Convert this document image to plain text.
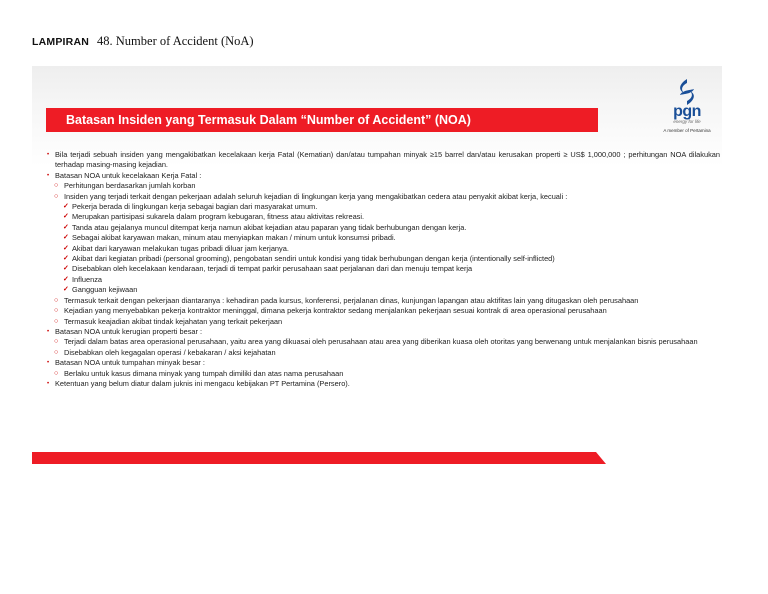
LAMPIRAN 48. Number of Accident (NoA)
Batasan Insiden yang Termasuk Dalam “Number of Accident” (NOA)	pgn
energy for life
A member of Pertamina
• Bila terjadi sebuah insiden yang mengakibatkan kecelakaan kerja Fatal (Kematian) dan/atau tumpahan minyak ≥15 barrel dan/atau kerusakan properti ≥ US$ 1,000,000 ; perhitungan NOA dilakukan terhadap masing-masing kejadian.
• Batasan NOA untuk kecelakaan Kerja Fatal :
○ Perhitungan berdasarkan jumlah korban
○ Insiden yang terjadi terkait dengan pekerjaan adalah seluruh kejadian di lingkungan kerja yang mengakibatkan cedera atau penyakit akibat kerja, kecuali :
✓ Pekerja berada di lingkungan kerja sebagai bagian dari masyarakat umum.
✓ Merupakan partisipasi sukarela dalam program kebugaran, fitness atau aktivitas rekreasi.
✓ Tanda atau gejalanya muncul ditempat kerja namun akibat kejadian atau paparan yang tidak berhubungan dengan kerja.
✓ Sebagai akibat karyawan makan, minum atau menyiapkan makan / minum untuk konsumsi pribadi.
✓ Akibat dari karyawan melakukan tugas pribadi diluar jam kerjanya.
✓ Akibat dari kegiatan pribadi (personal grooming), pengobatan sendiri untuk kondisi yang tidak berhubungan dengan kerja (intentionally self-inflicted)
✓ Disebabkan oleh kecelakaan kendaraan, terjadi di tempat parkir perusahaan saat perjalanan dari dan menuju tempat kerja
✓ Influenza
✓ Gangguan kejiwaan
○ Termasuk terkait dengan pekerjaan diantaranya : kehadiran pada kursus, konferensi, perjalanan dinas, kunjungan lapangan atau aktifitas lain yang ditugaskan oleh perusahaan
○ Kejadian yang menyebabkan pekerja kontraktor meninggal, dimana pekerja kontraktor sedang menjalankan pekerjaan sesuai kontrak di area operasional perusahaan
○ Termasuk keajadian akibat tindak kejahatan yang terkait pekerjaan
• Batasan NOA untuk kerugian properti besar :
○ Terjadi dalam batas area operasional perusahaan, yaitu area yang dikuasai oleh perusahaan atau area yang diberikan kuasa oleh otoritas yang berwenang untuk menjalankan bisnis perusahaan
○ Disebabkan oleh kegagalan operasi / kebakaran / aksi kejahatan
• Batasan NOA untuk tumpahan minyak besar :
○ Berlaku untuk kasus dimana minyak yang tumpah dimiliki dan atas nama perusahaan
• Ketentuan yang belum diatur dalam juknis ini mengacu kebijakan PT Pertamina (Persero).
